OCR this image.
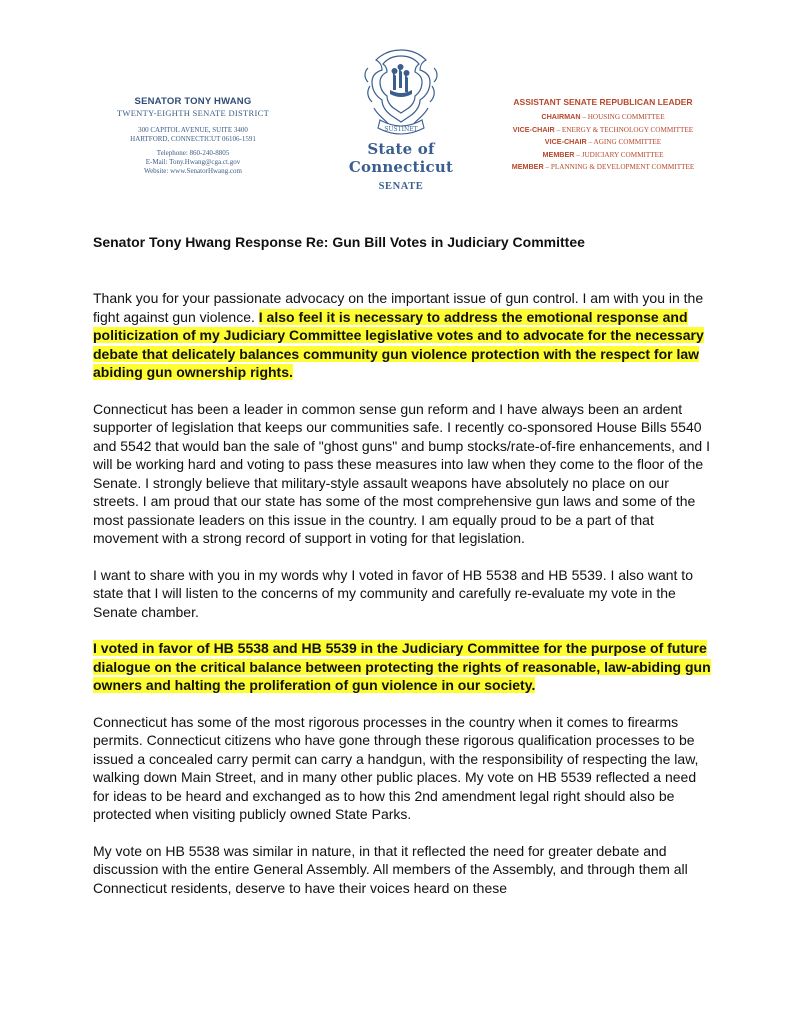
SENATOR TONY HWANG
TWENTY-EIGHTH SENATE DISTRICT
300 CAPITOL AVENUE, SUITE 3400
HARTFORD, CONNECTICUT 06106-1591
Telephone: 860-240-8805
E-Mail: Tony.Hwang@cga.ct.gov
Website: www.SenatorHwang.com
SUSTINET
State of Connecticut
SENATE
ASSISTANT SENATE REPUBLICAN LEADER
CHAIRMAN – HOUSING COMMITTEE
VICE-CHAIR – ENERGY & TECHNOLOGY COMMITTEE
VICE-CHAIR – AGING COMMITTEE
MEMBER – JUDICIARY COMMITTEE
MEMBER – PLANNING & DEVELOPMENT COMMITTEE
Senator Tony Hwang Response Re: Gun Bill Votes in Judiciary Committee

Thank you for your passionate advocacy on the important issue of gun control. I am with you in the fight against gun violence. I also feel it is necessary to address the emotional response and politicization of my Judiciary Committee legislative votes and to advocate for the necessary debate that delicately balances community gun violence protection with the respect for law abiding gun ownership rights.

Connecticut has been a leader in common sense gun reform and I have always been an ardent supporter of legislation that keeps our communities safe. I recently co-sponsored House Bills 5540 and 5542 that would ban the sale of "ghost guns" and bump stocks/rate-of-fire enhancements, and I will be working hard and voting to pass these measures into law when they come to the floor of the Senate. I strongly believe that military-style assault weapons have absolutely no place on our streets. I am proud that our state has some of the most comprehensive gun laws and some of the most passionate leaders on this issue in the country. I am equally proud to be a part of that movement with a strong record of support in voting for that legislation.

I want to share with you in my words why I voted in favor of HB 5538 and HB 5539. I also want to state that I will listen to the concerns of my community and carefully re-evaluate my vote in the Senate chamber.

I voted in favor of HB 5538 and HB 5539 in the Judiciary Committee for the purpose of future dialogue on the critical balance between protecting the rights of reasonable, law-abiding gun owners and halting the proliferation of gun violence in our society.

Connecticut has some of the most rigorous processes in the country when it comes to firearms permits. Connecticut citizens who have gone through these rigorous qualification processes to be issued a concealed carry permit can carry a handgun, with the responsibility of respecting the law, walking down Main Street, and in many other public places. My vote on HB 5539 reflected a need for ideas to be heard and exchanged as to how this 2nd amendment legal right should also be protected when visiting publicly owned State Parks.

My vote on HB 5538 was similar in nature, in that it reflected the need for greater debate and discussion with the entire General Assembly. All members of the Assembly, and through them all Connecticut residents, deserve to have their voices heard on these
